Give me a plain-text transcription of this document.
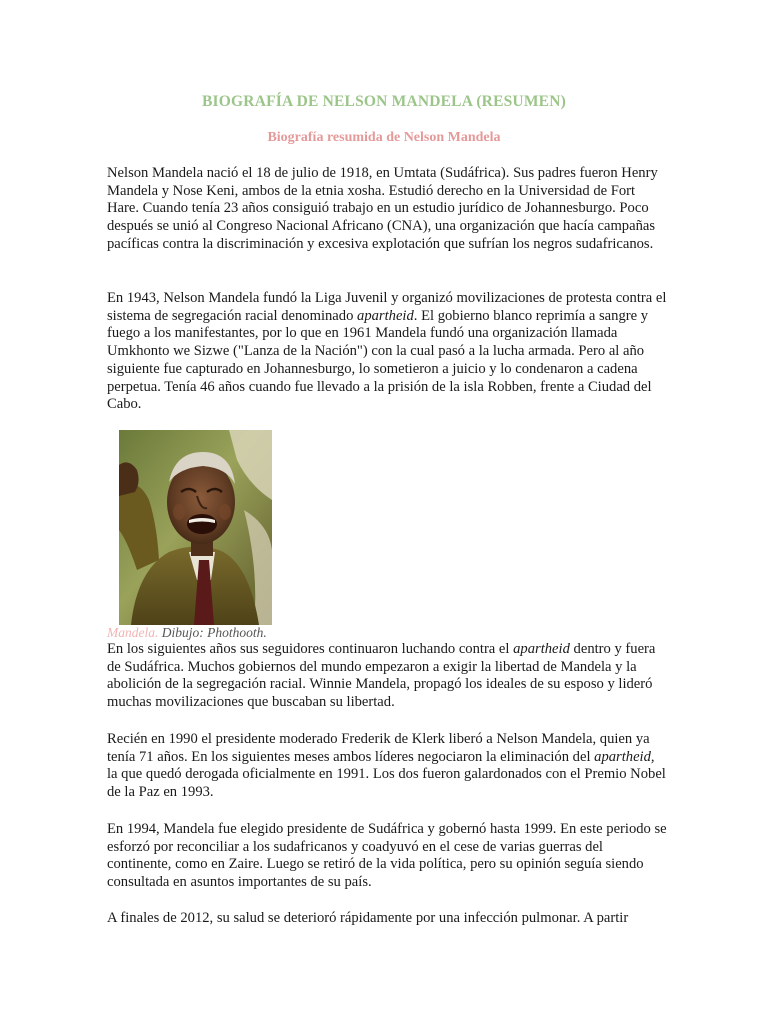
BIOGRAFÍA DE NELSON MANDELA (RESUMEN)
Biografía resumida de Nelson Mandela

Nelson Mandela nació el 18 de julio de 1918, en Umtata (Sudáfrica). Sus padres fueron Henry Mandela y Nose Keni, ambos de la etnia xosha. Estudió derecho en la Universidad de Fort Hare. Cuando tenía 23 años consiguió trabajo en un estudio jurídico de Johannesburgo. Poco después se unió al Congreso Nacional Africano (CNA), una organización que hacía campañas pacíficas contra la discriminación y excesiva explotación que sufrían los negros sudafricanos.

En 1943, Nelson Mandela fundó la Liga Juvenil y organizó movilizaciones de protesta contra el sistema de segregación racial denominado apartheid. El gobierno blanco reprimía a sangre y fuego a los manifestantes, por lo que en 1961 Mandela fundó una organización llamada Umkhonto we Sizwe ("Lanza de la Nación") con la cual pasó a la lucha armada. Pero al año siguiente fue capturado en Johannesburgo, lo sometieron a juicio y lo condenaron a cadena perpetua. Tenía 46 años cuando fue llevado a la prisión de la isla Robben, frente a Ciudad del Cabo.

Mandela. Dibujo: Phothooth.

En los siguientes años sus seguidores continuaron luchando contra el apartheid dentro y fuera de Sudáfrica. Muchos gobiernos del mundo empezaron a exigir la libertad de Mandela y la abolición de la segregación racial. Winnie Mandela, propagó los ideales de su esposo y lideró muchas movilizaciones que buscaban su libertad.

Recién en 1990 el presidente moderado Frederik de Klerk liberó a Nelson Mandela, quien ya tenía 71 años. En los siguientes meses ambos líderes negociaron la eliminación del apartheid, la que quedó derogada oficialmente en 1991. Los dos fueron galardonados con el Premio Nobel de la Paz en 1993.

En 1994, Mandela fue elegido presidente de Sudáfrica y gobernó hasta 1999. En este periodo se esforzó por reconciliar a los sudafricanos y coadyuvó en el cese de varias guerras del continente, como en Zaire. Luego se retiró de la vida política, pero su opinión seguía siendo consultada en asuntos importantes de su país.

A finales de 2012, su salud se deterioró rápidamente por una infección pulmonar. A partir
